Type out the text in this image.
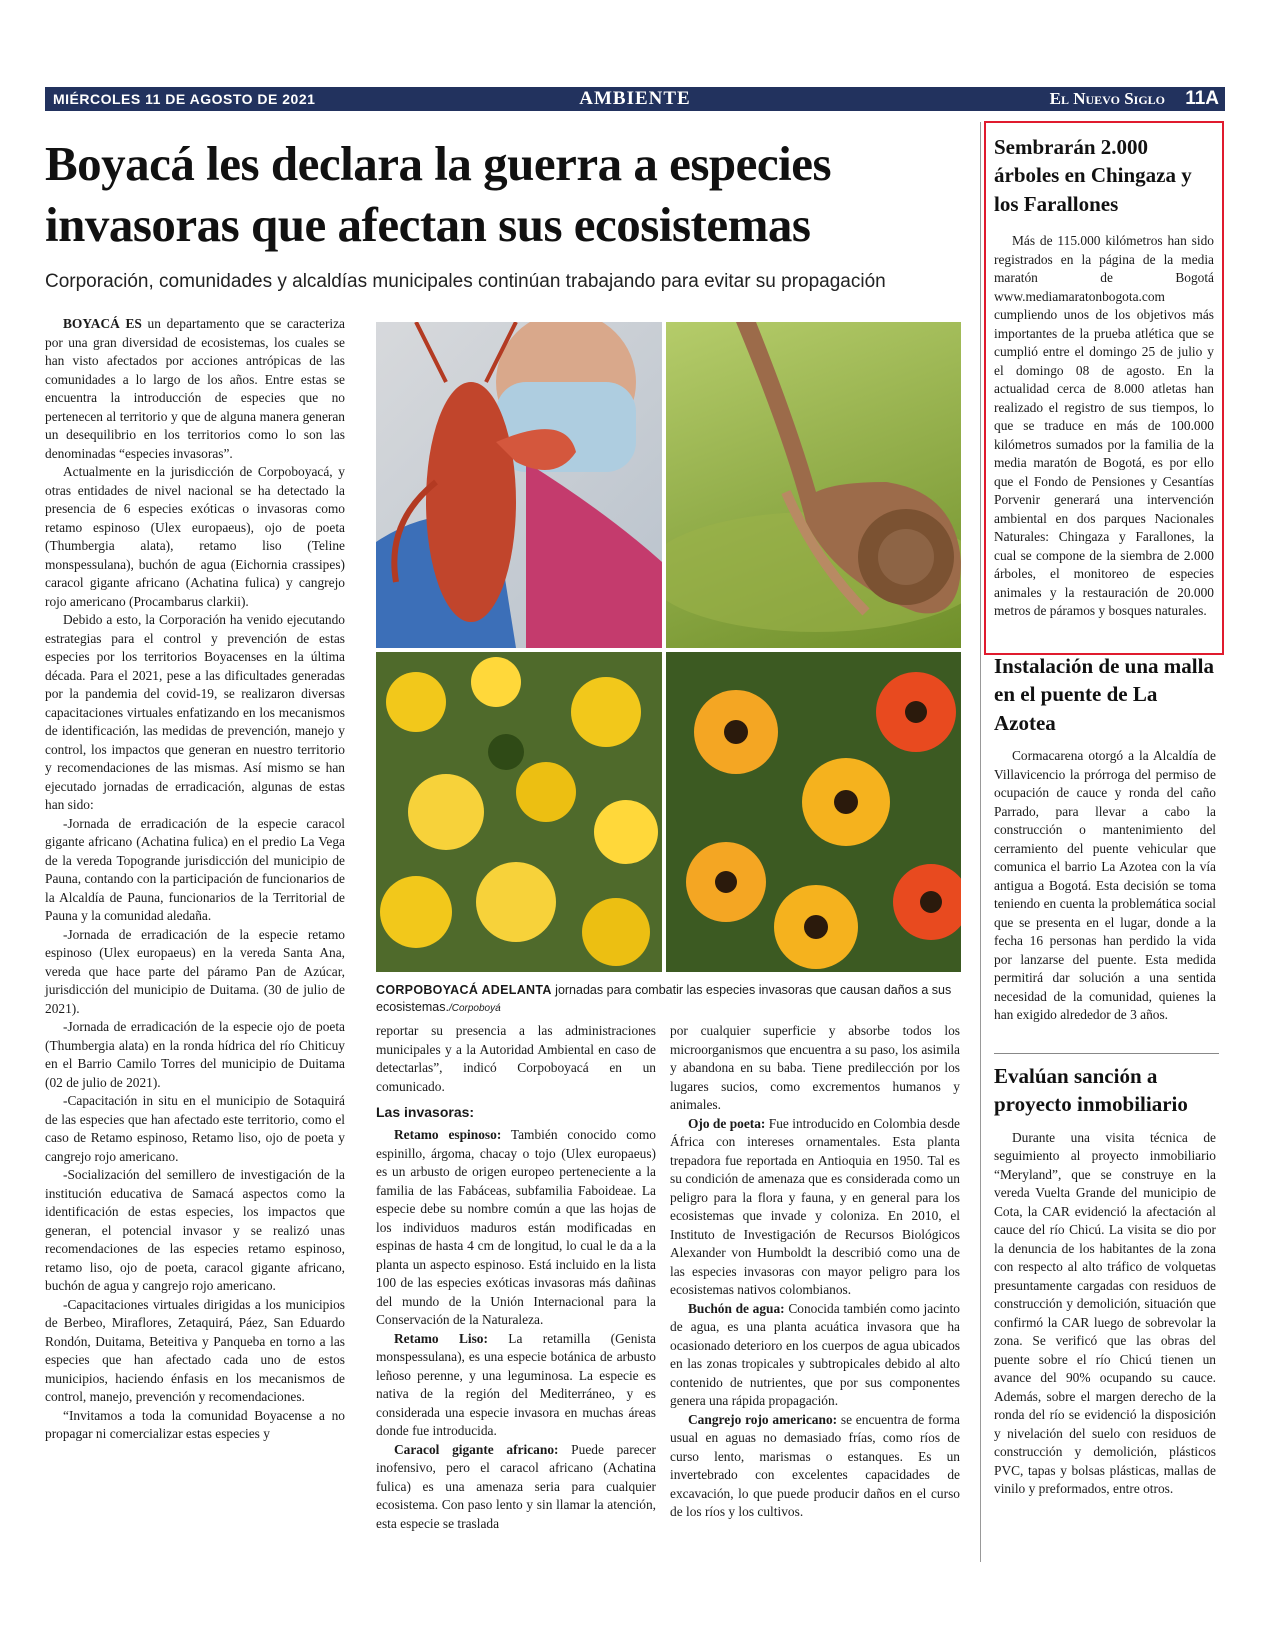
MIÉRCOLES 11 DE AGOSTO DE 2021	AMBIENTE	El Nuevo Siglo 11A
Boyacá les declara la guerra a especies invasoras que afectan sus ecosistemas

Corporación, comunidades y alcaldías municipales continúan trabajando para evitar su propagación

BOYACÁ ES un departamento que se caracteriza por una gran diversidad de ecosistemas, los cuales se han visto afectados por acciones antrópicas de las comunidades a lo largo de los años. Entre estas se encuentra la introducción de especies que no pertenecen al territorio y que de alguna manera generan un desequilibrio en los territorios como lo son las denominadas “especies invasoras”.

Actualmente en la jurisdicción de Corpoboyacá, y otras entidades de nivel nacional se ha detectado la presencia de 6 especies exóticas o invasoras como retamo espinoso (Ulex europaeus), ojo de poeta (Thumbergia alata), retamo liso (Teline monspessulana), buchón de agua (Eichornia crassipes) caracol gigante africano (Achatina fulica) y cangrejo rojo americano (Procambarus clarkii).

Debido a esto, la Corporación ha venido ejecutando estrategias para el control y prevención de estas especies por los territorios Boyacenses en la última década. Para el 2021, pese a las dificultades generadas por la pandemia del covid-19, se realizaron diversas capacitaciones virtuales enfatizando en los mecanismos de identificación, las medidas de prevención, manejo y control, los impactos que generan en nuestro territorio y recomendaciones de las mismas. Así mismo se han ejecutado jornadas de erradicación, algunas de estas han sido:

-Jornada de erradicación de la especie caracol gigante africano (Achatina fulica) en el predio La Vega de la vereda Topogrande jurisdicción del municipio de Pauna, contando con la participación de funcionarios de la Alcaldía de Pauna, funcionarios de la Territorial de Pauna y la comunidad aledaña.

-Jornada de erradicación de la especie retamo espinoso (Ulex europaeus) en la vereda Santa Ana, vereda que hace parte del páramo Pan de Azúcar, jurisdicción del municipio de Duitama. (30 de julio de 2021).

-Jornada de erradicación de la especie ojo de poeta (Thumbergia alata) en la ronda hídrica del río Chiticuy en el Barrio Camilo Torres del municipio de Duitama (02 de julio de 2021).

-Capacitación in situ en el municipio de Sotaquirá de las especies que han afectado este territorio, como el caso de Retamo espinoso, Retamo liso, ojo de poeta y cangrejo rojo americano.

-Socialización del semillero de investigación de la institución educativa de Samacá aspectos como la identificación de estas especies, los impactos que generan, el potencial invasor y se realizó unas recomendaciones de las especies retamo espinoso, retamo liso, ojo de poeta, caracol gigante africano, buchón de agua y cangrejo rojo americano.

-Capacitaciones virtuales dirigidas a los municipios de Berbeo, Miraflores, Zetaquirá, Páez, San Eduardo Rondón, Duitama, Beteitiva y Panqueba en torno a las especies que han afectado cada uno de estos municipios, haciendo énfasis en los mecanismos de control, manejo, prevención y recomendaciones.

“Invitamos a toda la comunidad Boyacense a no propagar ni comercializar estas especies y

CORPOBOYACÁ ADELANTA jornadas para combatir las especies invasoras que causan daños a sus ecosistemas./Corpoboyá

reportar su presencia a las administraciones municipales y a la Autoridad Ambiental en caso de detectarlas”, indicó Corpoboyacá en un comunicado.

Las invasoras:

Retamo espinoso: También conocido como espinillo, árgoma, chacay o tojo (Ulex europaeus) es un arbusto de origen europeo perteneciente a la familia de las Fabáceas, subfamilia Faboideae. La especie debe su nombre común a que las hojas de los individuos maduros están modificadas en espinas de hasta 4 cm de longitud, lo cual le da a la planta un aspecto espinoso. Está incluido en la lista 100 de las especies exóticas invasoras más dañinas del mundo de la Unión Internacional para la Conservación de la Naturaleza.

Retamo Liso: La retamilla (Genista monspessulana), es una especie botánica de arbusto leñoso perenne, y una leguminosa. La especie es nativa de la región del Mediterráneo, y es considerada una especie invasora en muchas áreas donde fue introducida.

Caracol gigante africano: Puede parecer inofensivo, pero el caracol africano (Achatina fulica) es una amenaza seria para cualquier ecosistema. Con paso lento y sin llamar la atención, esta especie se traslada

por cualquier superficie y absorbe todos los microorganismos que encuentra a su paso, los asimila y abandona en su baba. Tiene predilección por los lugares sucios, como excrementos humanos y animales.

Ojo de poeta: Fue introducido en Colombia desde África con intereses ornamentales. Esta planta trepadora fue reportada en Antioquia en 1950. Tal es su condición de amenaza que es considerada como un peligro para la flora y fauna, y en general para los ecosistemas que invade y coloniza. En 2010, el Instituto de Investigación de Recursos Biológicos Alexander von Humboldt la describió como una de las especies invasoras con mayor peligro para los ecosistemas nativos colombianos.

Buchón de agua: Conocida también como jacinto de agua, es una planta acuática invasora que ha ocasionado deterioro en los cuerpos de agua ubicados en las zonas tropicales y subtropicales debido al alto contenido de nutrientes, que por sus componentes genera una rápida propagación.

Cangrejo rojo americano: se encuentra de forma usual en aguas no demasiado frías, como ríos de curso lento, marismas o estanques. Es un invertebrado con excelentes capacidades de excavación, lo que puede producir daños en el curso de los ríos y los cultivos.

Sembrarán 2.000 árboles en Chingaza y los Farallones

Más de 115.000 kilómetros han sido registrados en la página de la media maratón de Bogotá www.mediamaratonbogota.com cumpliendo unos de los objetivos más importantes de la prueba atlética que se cumplió entre el domingo 25 de julio y el domingo 08 de agosto. En la actualidad cerca de 8.000 atletas han realizado el registro de sus tiempos, lo que se traduce en más de 100.000 kilómetros sumados por la familia de la media maratón de Bogotá, es por ello que el Fondo de Pensiones y Cesantías Porvenir generará una intervención ambiental en dos parques Nacionales Naturales: Chingaza y Farallones, la cual se compone de la siembra de 2.000 árboles, el monitoreo de especies animales y la restauración de 20.000 metros de páramos y bosques naturales.

Instalación de una malla en el puente de La Azotea

Cormacarena otorgó a la Alcaldía de Villavicencio la prórroga del permiso de ocupación de cauce y ronda del caño Parrado, para llevar a cabo la construcción o mantenimiento del cerramiento del puente vehicular que comunica el barrio La Azotea con la vía antigua a Bogotá. Esta decisión se toma teniendo en cuenta la problemática social que se presenta en el lugar, donde a la fecha 16 personas han perdido la vida por lanzarse del puente. Esta medida permitirá dar solución a una sentida necesidad de la comunidad, quienes la han exigido alrededor de 3 años.

Evalúan sanción a proyecto inmobiliario

Durante una visita técnica de seguimiento al proyecto inmobiliario “Meryland”, que se construye en la vereda Vuelta Grande del municipio de Cota, la CAR evidenció la afectación al cauce del río Chicú. La visita se dio por la denuncia de los habitantes de la zona con respecto al alto tráfico de volquetas presuntamente cargadas con residuos de construcción y demolición, situación que confirmó la CAR luego de sobrevolar la zona. Se verificó que las obras del puente sobre el río Chicú tienen un avance del 90% ocupando su cauce. Además, sobre el margen derecho de la ronda del río se evidenció la disposición y nivelación del suelo con residuos de construcción y demolición, plásticos PVC, tapas y bolsas plásticas, mallas de vinilo y preformados, entre otros.
